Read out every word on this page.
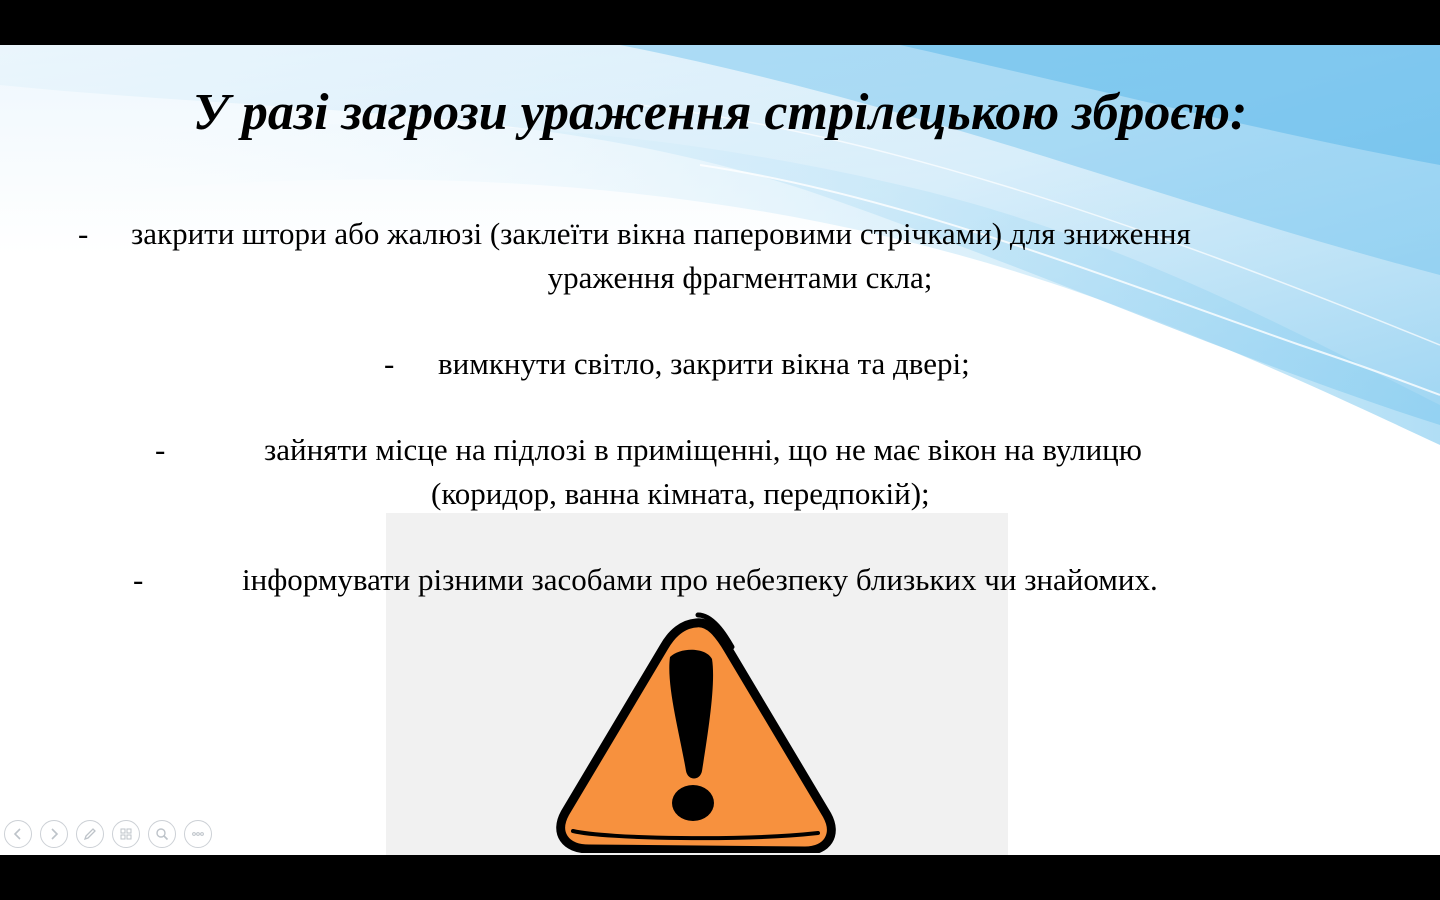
У разі загрози ураження стрілецькою зброєю:
-	закрити штори або жалюзі (заклеїти вікна паперовими стрічками) для зниження
ураження фрагментами скла;
-	вимкнути світло, закрити вікна та двері;
-	зайняти місце на підлозі в приміщенні, що не має вікон на вулицю
(коридор, ванна кімната, передпокій);
-	інформувати різними засобами про небезпеку близьких чи знайомих.
